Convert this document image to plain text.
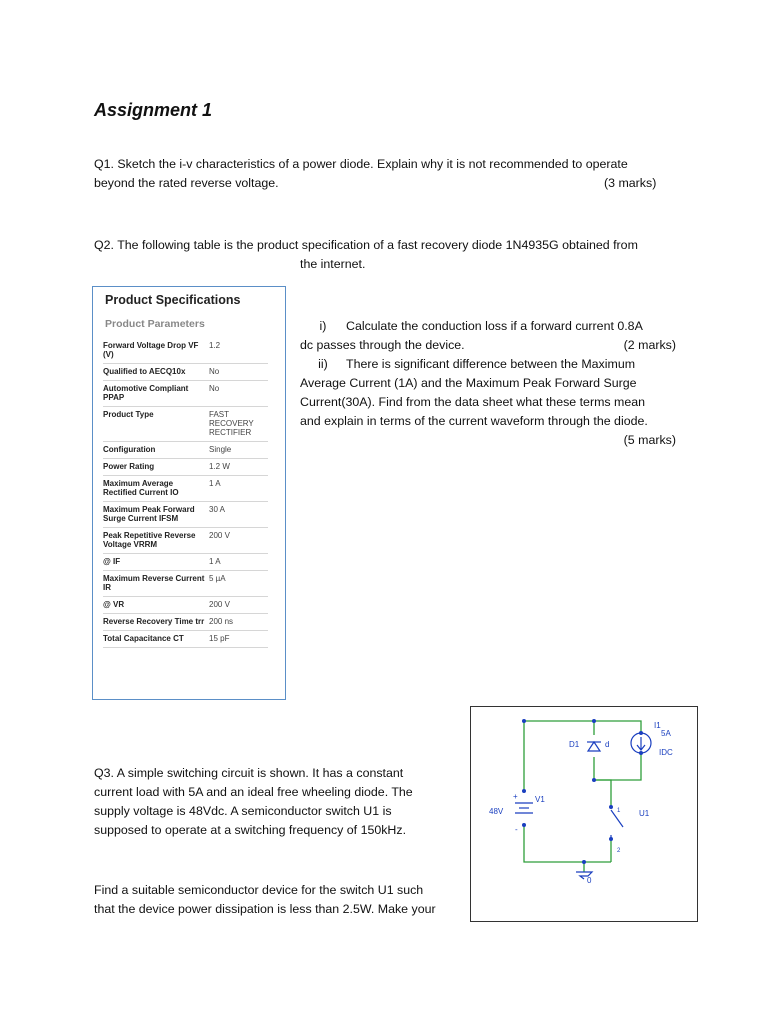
Assignment 1
Q1. Sketch the i-v characteristics of a power diode. Explain why it is not recommended to operate
beyond the rated reverse voltage.	(3 marks)
Q2. The following table is the product specification of a fast recovery diode 1N4935G obtained from
the internet.
Product Specifications
Product Parameters
Forward Voltage Drop VF (V)	1.2
Qualified to AECQ10x	No
Automotive Compliant PPAP	No
Product Type	FAST RECOVERY RECTIFIER
Configuration	Single
Power Rating	1.2 W
Maximum Average Rectified Current IO	1 A
Maximum Peak Forward Surge Current IFSM	30 A
Peak Repetitive Reverse Voltage VRRM	200 V
@ IF	1 A
Maximum Reverse Current IR	5 µA
@ VR	200 V
Reverse Recovery Time trr	200 ns
Total Capacitance CT	15 pF
i) Calculate the conduction loss if a forward current 0.8A
dc passes through the device.	(2 marks)
ii) There is significant difference between the Maximum
Average Current (1A) and the Maximum Peak Forward Surge
Current(30A). Find from the data sheet what these terms mean
and explain in terms of the current waveform through the diode.
(5 marks)
D1	d
I1
5A
IDC
V1
48V
+
-
U1
1
2
0
Q3. A simple switching circuit is shown. It has a constant
current load with 5A and an ideal free wheeling diode. The
supply voltage is 48Vdc. A semiconductor switch U1 is
supposed to operate at a switching frequency of 150kHz.
Find a suitable semiconductor device for the switch U1 such
that the device power dissipation is less than 2.5W. Make your
